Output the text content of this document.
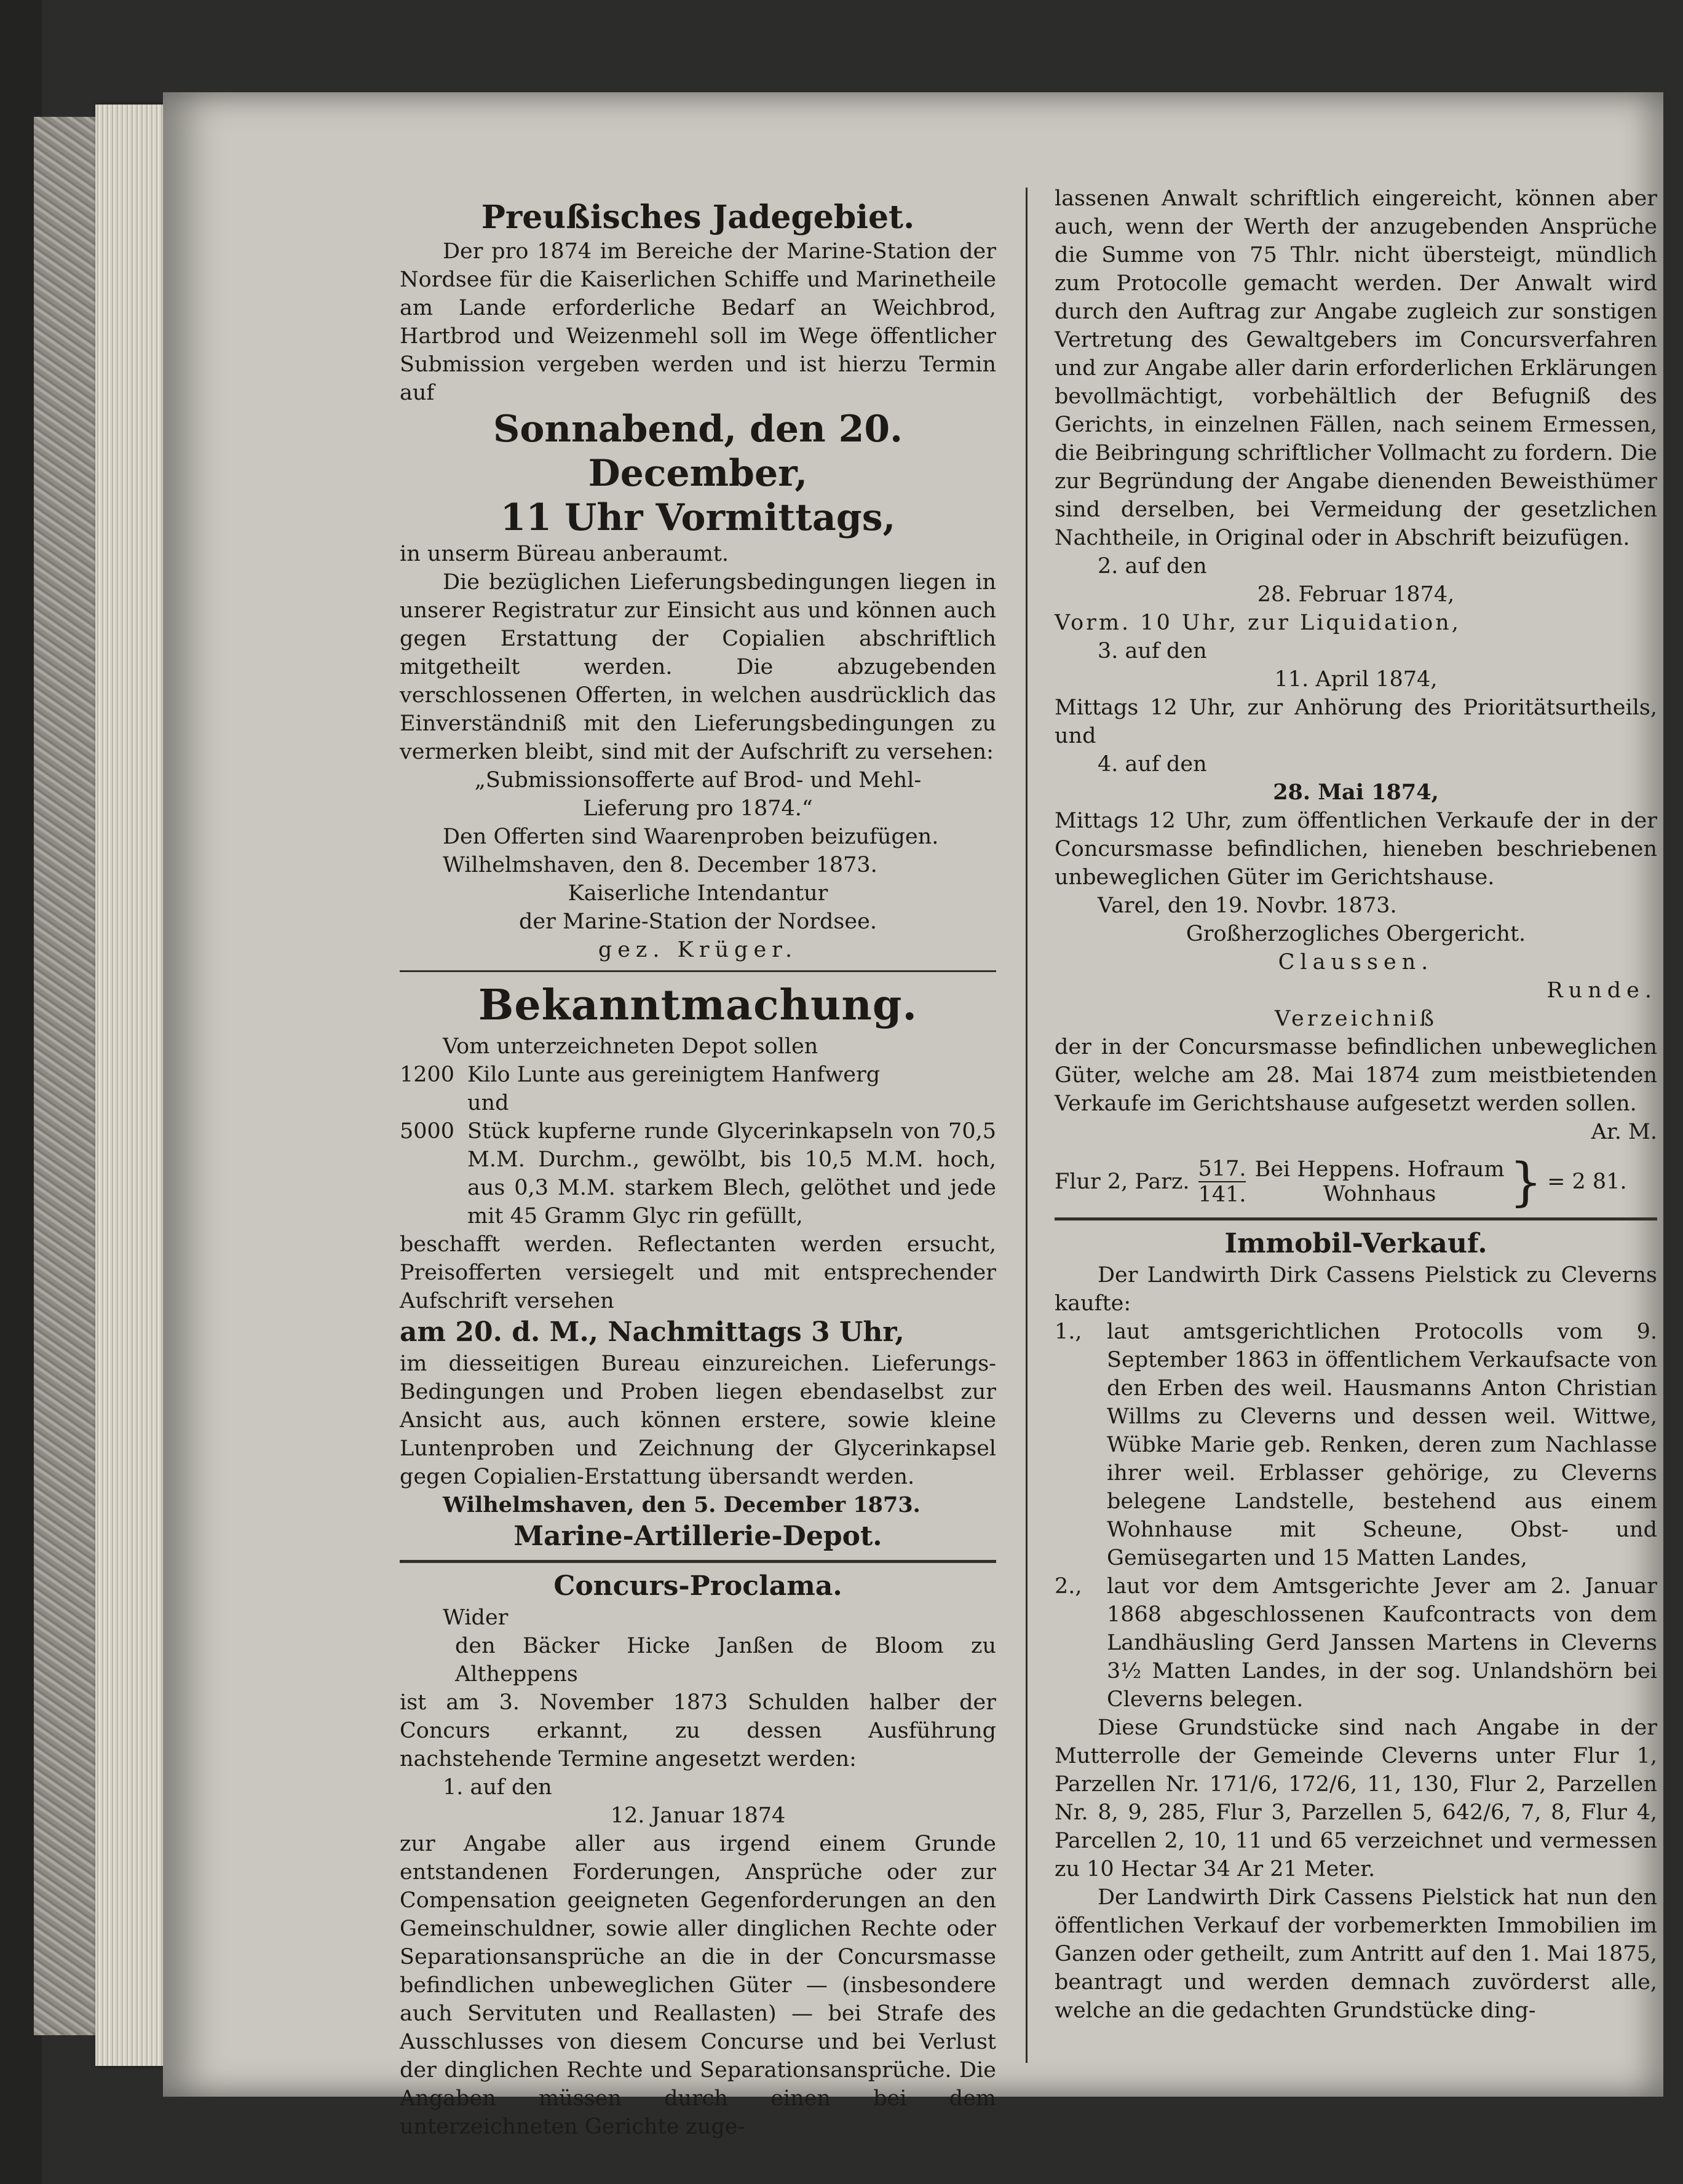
Preußisches Jadegebiet.

Der pro 1874 im Bereiche der Marine-Station der Nordsee für die Kaiserlichen Schiffe und Marinetheile am Lande erforderliche Bedarf an Weichbrod, Hartbrod und Weizenmehl soll im Wege öffentlicher Submission vergeben werden und ist hierzu Termin auf

Sonnabend, den 20. December,

11 Uhr Vormittags,

in unserm Büreau anberaumt.

Die bezüglichen Lieferungsbedingungen liegen in unserer Registratur zur Einsicht aus und können auch gegen Erstattung der Copialien abschriftlich mitgetheilt werden. Die abzugebenden verschlossenen Offerten, in welchen ausdrücklich das Einverständniß mit den Lieferungsbedingungen zu vermerken bleibt, sind mit der Aufschrift zu versehen:

„Submissionsofferte auf Brod- und Mehl-

Lieferung pro 1874.“

Den Offerten sind Waarenproben beizufügen.

Wilhelmshaven, den 8. December 1873.

Kaiserliche Intendantur

der Marine-Station der Nordsee.

gez. Krüger.

Bekanntmachung.

Vom unterzeichneten Depot sollen

1200 Kilo Lunte aus gereinigtem Hanfwerg

und

5000 Stück kupferne runde Glycerinkapseln von 70,5 M.M. Durchm., gewölbt, bis 10,5 M.M. hoch, aus 0,3 M.M. starkem Blech, gelöthet und jede mit 45 Gramm Glyc rin gefüllt,

beschafft werden. Reflectanten werden ersucht, Preisofferten versiegelt und mit entsprechender Aufschrift versehen

am 20. d. M., Nachmittags 3 Uhr,

im diesseitigen Bureau einzureichen. Lieferungs-Bedingungen und Proben liegen ebendaselbst zur Ansicht aus, auch können erstere, sowie kleine Luntenproben und Zeichnung der Glycerinkapsel gegen Copialien-Erstattung übersandt werden.

Wilhelmshaven, den 5. December 1873.

Marine-Artillerie-Depot.

Concurs-Proclama.

Wider

den Bäcker Hicke Janßen de Bloom zu Altheppens

ist am 3. November 1873 Schulden halber der Concurs erkannt, zu dessen Ausführung nachstehende Termine angesetzt werden:

1. auf den

12. Januar 1874

zur Angabe aller aus irgend einem Grunde entstandenen Forderungen, Ansprüche oder zur Compensation geeigneten Gegenforderungen an den Gemeinschuldner, sowie aller dinglichen Rechte oder Separationsansprüche an die in der Concursmasse befindlichen unbeweglichen Güter — (insbesondere auch Servituten und Reallasten) — bei Strafe des Ausschlusses von diesem Concurse und bei Verlust der dinglichen Rechte und Separationsansprüche. Die Angaben müssen durch einen bei dem unterzeichneten Gerichte zuge-

lassenen Anwalt schriftlich eingereicht, können aber auch, wenn der Werth der anzugebenden Ansprüche die Summe von 75 Thlr. nicht übersteigt, mündlich zum Protocolle gemacht werden. Der Anwalt wird durch den Auftrag zur Angabe zugleich zur sonstigen Vertretung des Gewaltgebers im Concursverfahren und zur Angabe aller darin erforderlichen Erklärungen bevollmächtigt, vorbehältlich der Befugniß des Gerichts, in einzelnen Fällen, nach seinem Ermessen, die Beibringung schriftlicher Vollmacht zu fordern. Die zur Begründung der Angabe dienenden Beweisthümer sind derselben, bei Vermeidung der gesetzlichen Nachtheile, in Original oder in Abschrift beizufügen.

2. auf den

28. Februar 1874,

Vorm. 10 Uhr, zur Liquidation,

3. auf den

11. April 1874,

Mittags 12 Uhr, zur Anhörung des Prioritätsurtheils, und

4. auf den

28. Mai 1874,

Mittags 12 Uhr, zum öffentlichen Verkaufe der in der Concursmasse befindlichen, hieneben beschriebenen unbeweglichen Güter im Gerichtshause.

Varel, den 19. Novbr. 1873.

Großherzogliches Obergericht.

Claussen.

Runde.

Verzeichniß

der in der Concursmasse befindlichen unbeweglichen Güter, welche am 28. Mai 1874 zum meistbietenden Verkaufe im Gerichtshause aufgesetzt werden sollen.

Ar. M.

Flur 2, Parz. $\frac{517.}{141.}$ Bei Heppens. Hofraum
Wohnhaus	} = 2 81.

Immobil-Verkauf.

Der Landwirth Dirk Cassens Pielstick zu Cleverns kaufte:

1.,	laut amtsgerichtlichen Protocolls vom 9. September 1863 in öffentlichem Verkaufsacte von den Erben des weil. Hausmanns Anton Christian Willms zu Cleverns und dessen weil. Wittwe, Wübke Marie geb. Renken, deren zum Nachlasse ihrer weil. Erblasser gehörige, zu Cleverns belegene Landstelle, bestehend aus einem Wohnhause mit Scheune, Obst- und Gemüsegarten und 15 Matten Landes,
2.,	laut vor dem Amtsgerichte Jever am 2. Januar 1868 abgeschlossenen Kaufcontracts von dem Landhäusling Gerd Janssen Martens in Cleverns 3½ Matten Landes, in der sog. Unlandshörn bei Cleverns belegen.

Diese Grundstücke sind nach Angabe in der Mutterrolle der Gemeinde Cleverns unter Flur 1, Parzellen Nr. 171/6, 172/6, 11, 130, Flur 2, Parzellen Nr. 8, 9, 285, Flur 3, Parzellen 5, 642/6, 7, 8, Flur 4, Parcellen 2, 10, 11 und 65 verzeichnet und vermessen zu 10 Hectar 34 Ar 21 Meter.

Der Landwirth Dirk Cassens Pielstick hat nun den öffentlichen Verkauf der vorbemerkten Immobilien im Ganzen oder getheilt, zum Antritt auf den 1. Mai 1875, beantragt und werden demnach zuvörderst alle, welche an die gedachten Grundstücke ding-
